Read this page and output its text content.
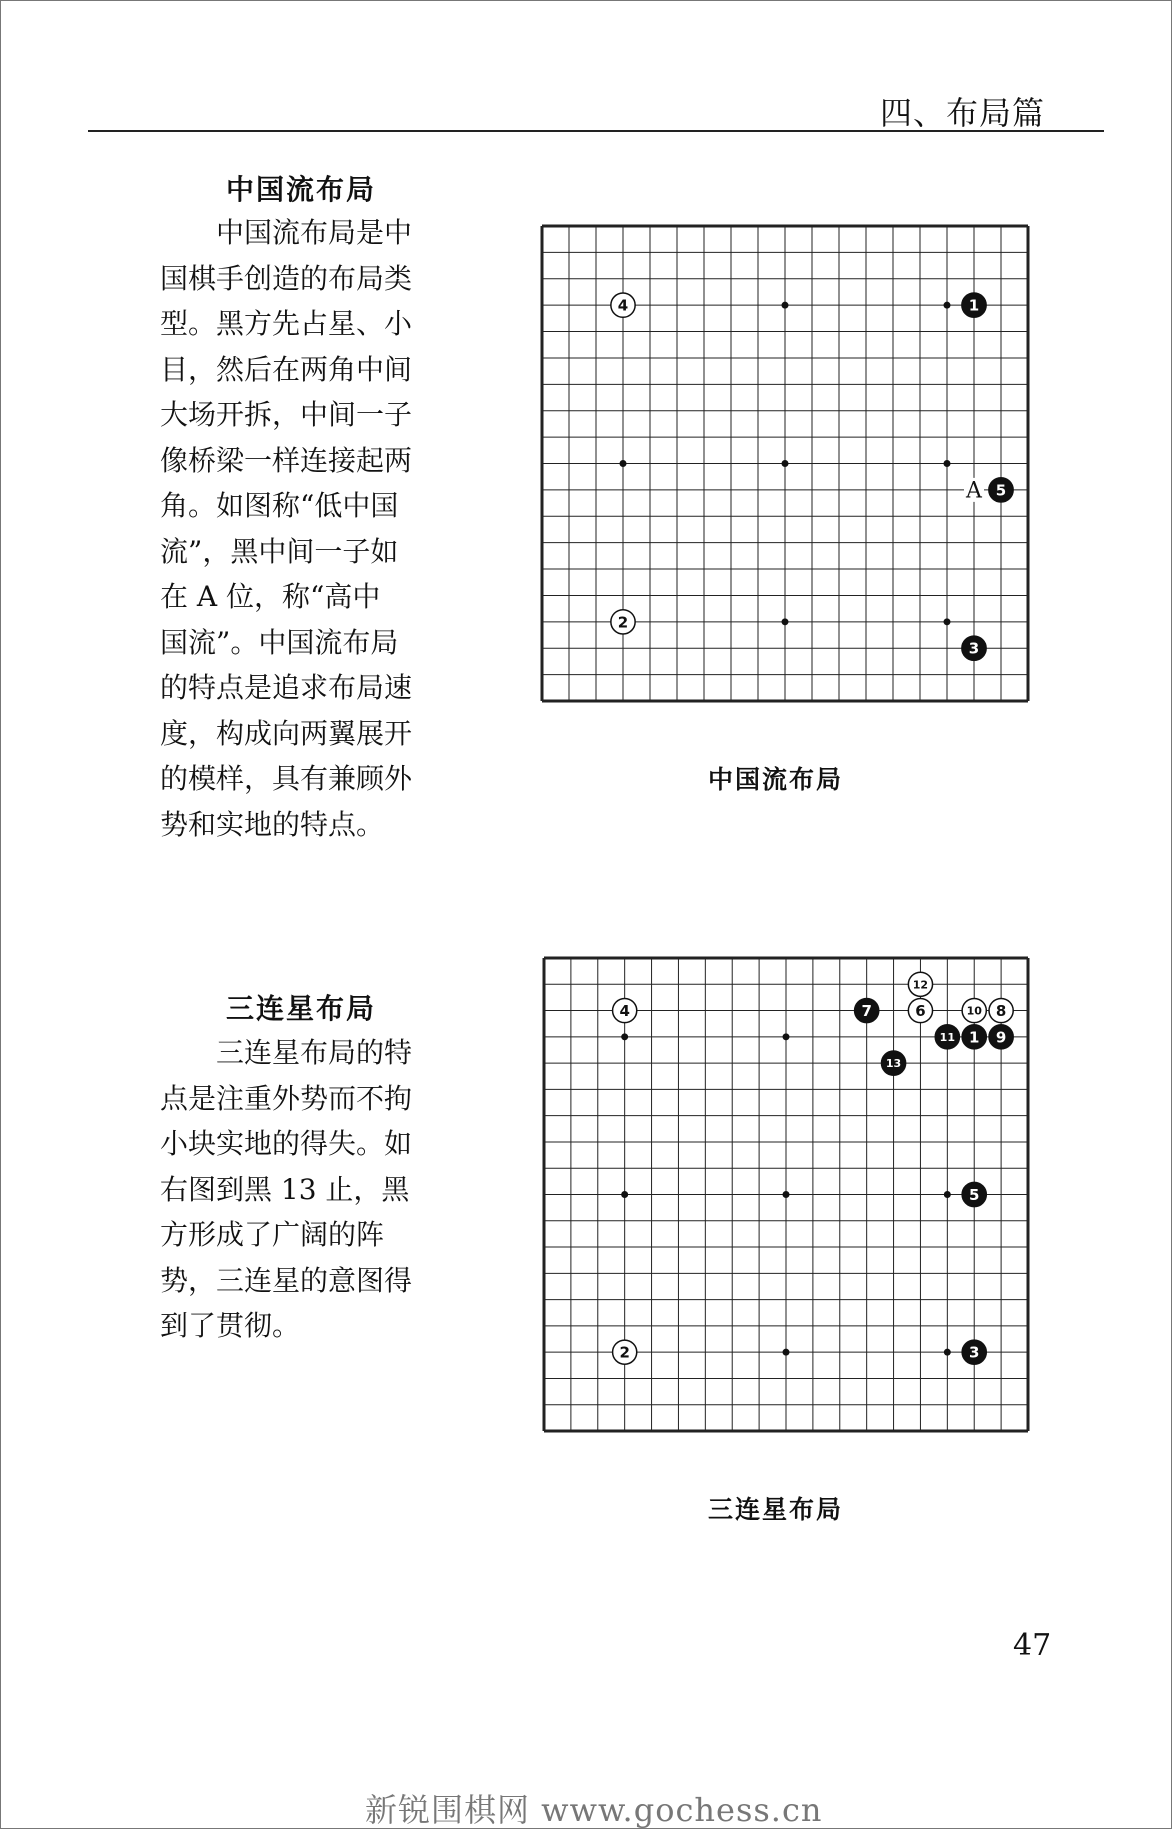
四、布局篇
中国流布局
　　中国流布局是中
国棋手创造的布局类
型。黑方先占星、小
目，然后在两角中间
大场开拆，中间一子
像桥梁一样连接起两
角。如图称“低中国
流”，黑中间一子如
在 A 位，称“高中
国流”。中国流布局
的特点是追求布局速
度，构成向两翼展开
的模样，具有兼顾外
势和实地的特点。
1
2
3
4
5
A
中国流布局
三连星布局
　　三连星布局的特
点是注重外势而不拘
小块实地的得失。如
右图到黑 13 止，黑
方形成了广阔的阵
势，三连星的意图得
到了贯彻。
1
2	3
4
5
6
7	8
9
10
11
12
13
三连星布局
47
新锐围棋网 www.gochess.cn
